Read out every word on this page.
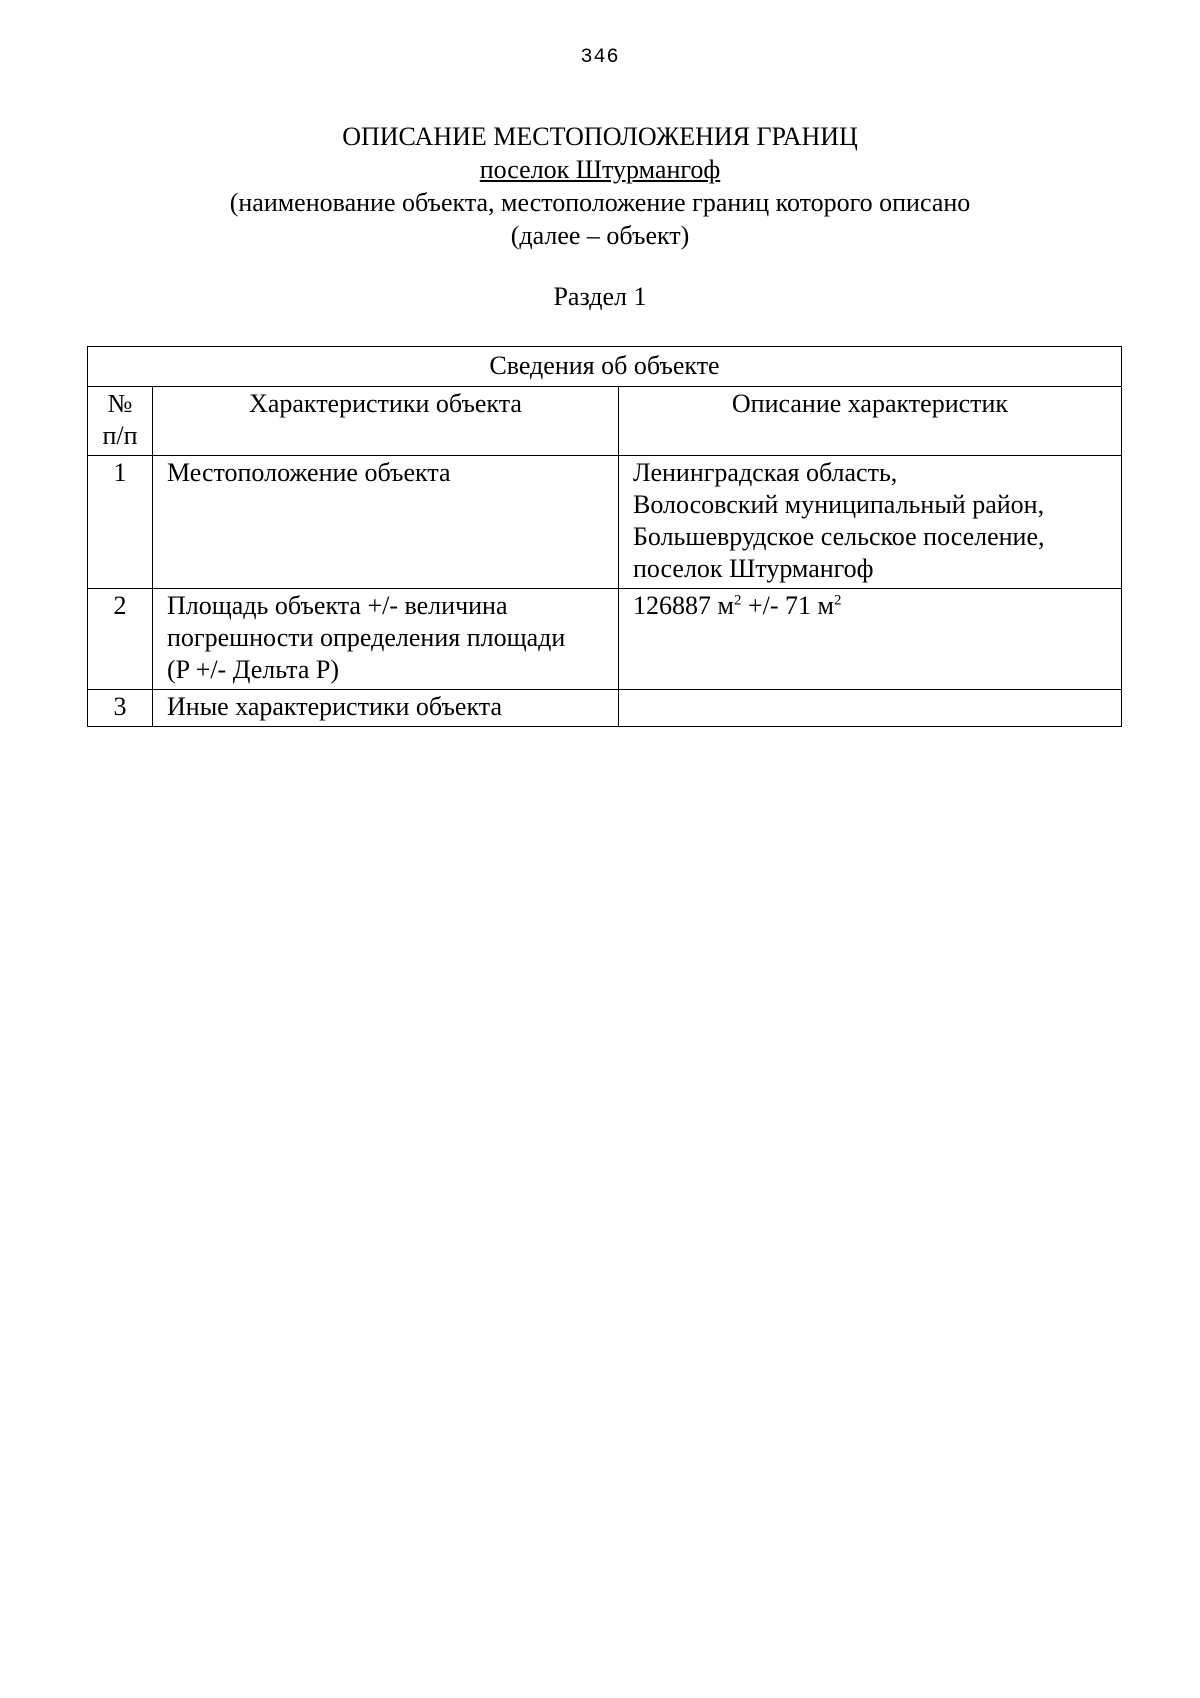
346
ОПИСАНИЕ МЕСТОПОЛОЖЕНИЯ ГРАНИЦ
поселок Штурмангоф
(наименование объекта, местоположение границ которого описано
(далее – объект)
Раздел 1
Сведения об объекте		
№
п/п	Характеристики объекта	Описание характеристик
1	Местоположение объекта	Ленинградская область,
Волосовский муниципальный район,
Большеврудское сельское поселение,
поселок Штурмангоф

2	Площадь объекта +/- величина
погрешности определения площади
(P +/- Дельта P)	126887 $м^2$ +/- 71 $м^2$
3	Иные характеристики объекта	
